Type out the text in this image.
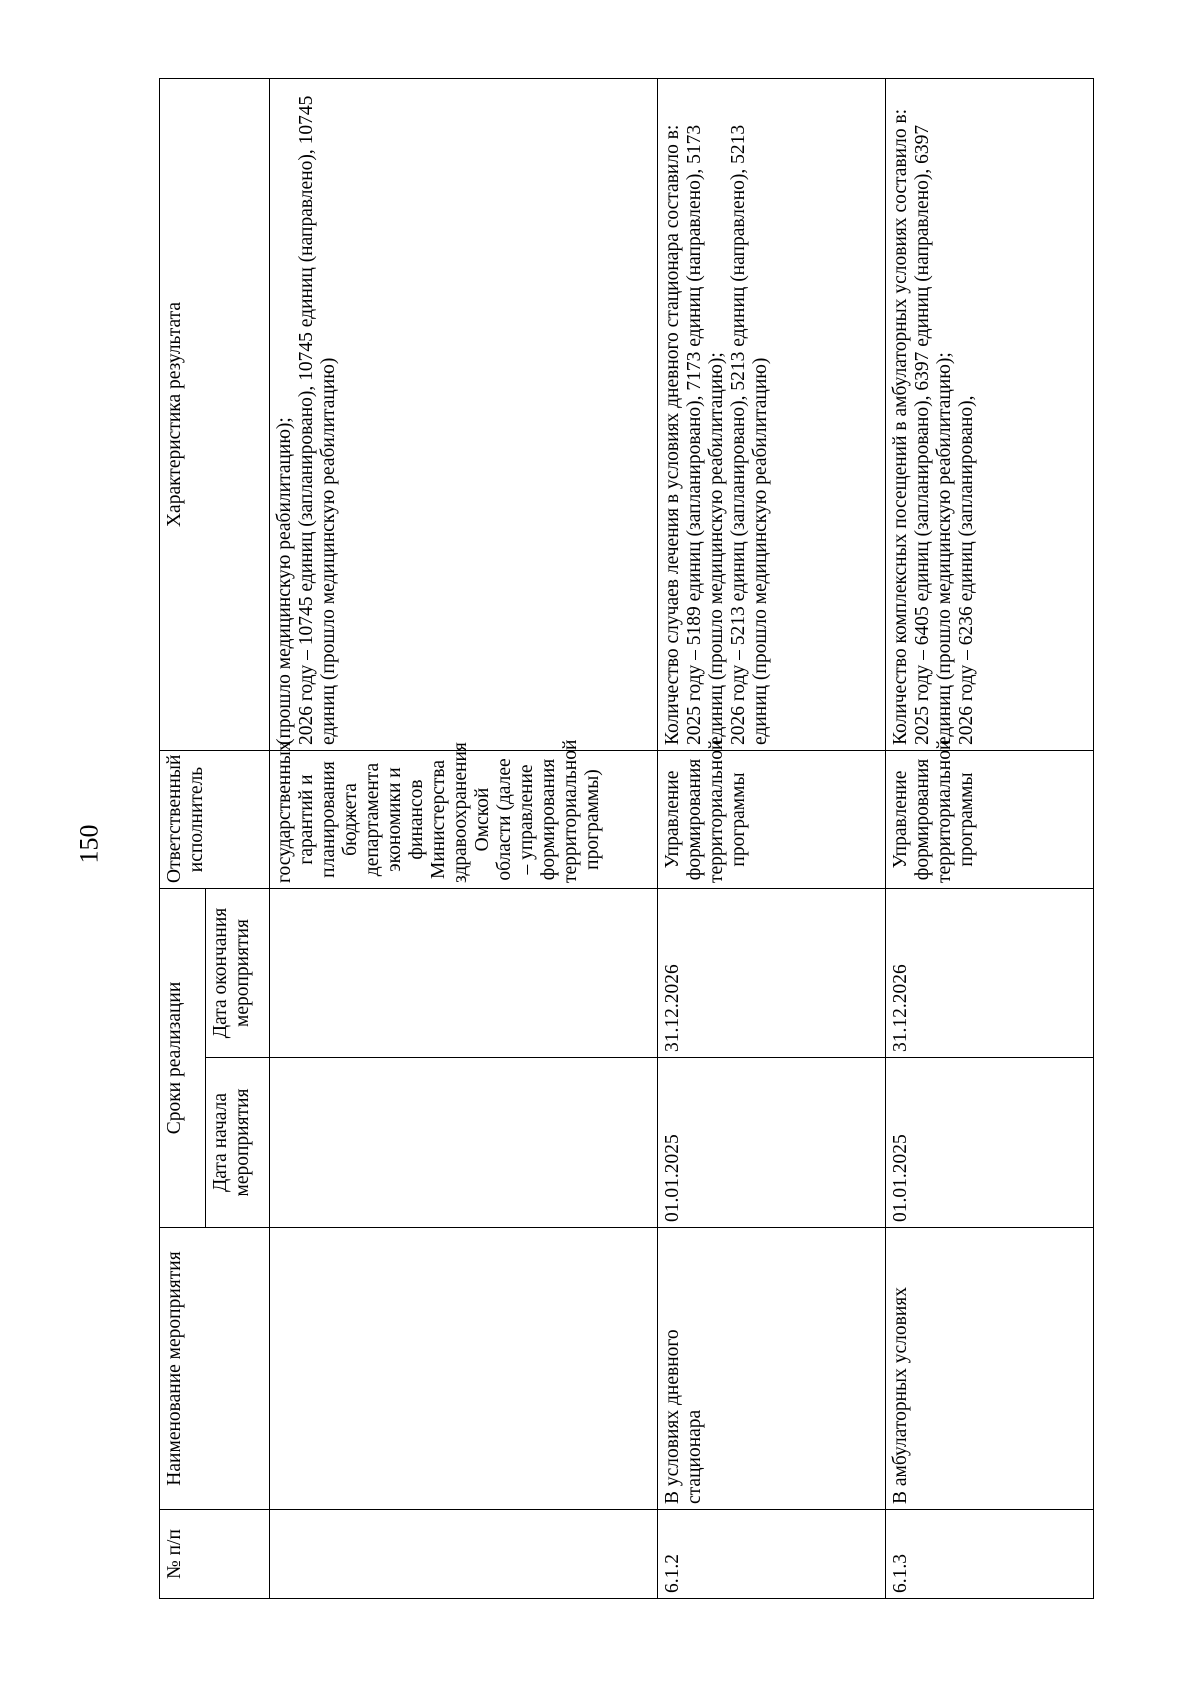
150
№ п/п	Наименование мероприятия	Сроки реализации		Ответственный исполнитель	Характеристика результата
		Дата начала мероприятия	Дата окончания мероприятия		
				государственных гарантий и планирования бюджета департамента экономики и финансов Министерства здравоохранения Омской области (далее – управление формирования территориальной программы)	(прошло медицинскую реабилитацию);
2026 году – 10745 единиц (запланировано), 10745 единиц (направлено), 10745 единиц (прошло медицинскую реабилитацию)
6.1.2	В условиях дневного стационара	01.01.2025	31.12.2026	Управление формирования территориальной программы	Количество случаев лечения в условиях дневного стационара составило в:
2025 году – 5189 единиц (запланировано), 7173 единиц (направлено), 5173 единиц (прошло медицинскую реабилитацию);
2026 году – 5213 единиц (запланировано), 5213 единиц (направлено), 5213 единиц (прошло медицинскую реабилитацию)
6.1.3	В амбулаторных условиях	01.01.2025	31.12.2026	Управление формирования территориальной программы	Количество комплексных посещений в амбулаторных условиях составило в:
2025 году – 6405 единиц (запланировано), 6397 единиц (направлено), 6397 единиц (прошло медицинскую реабилитацию);
2026 году – 6236 единиц (запланировано),
